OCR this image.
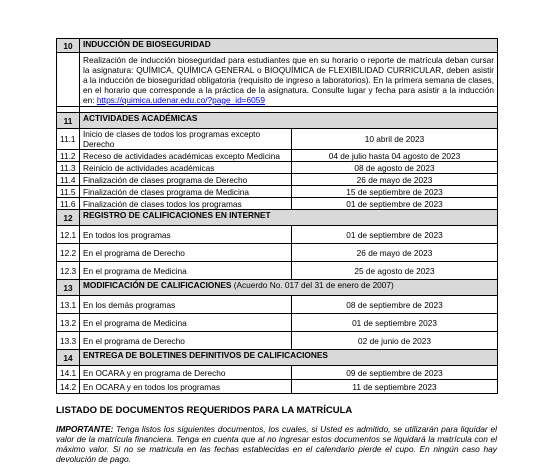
10	INDUCCIÓN DE BIOSEGURIDAD	
	Realización de inducción bioseguridad para estudiantes que en su horario o reporte de matrícula deban cursar la asignatura: QUÍMICA, QUÍMICA GENERAL o BIOQUÍMICA de FLEXIBILIDAD CURRICULAR, deben asistir a la inducción de bioseguridad obligatoria (requisito de ingreso a laboratorios). En la primera semana de clases, en el horario que corresponde a la práctica de la asignatura. Consulte lugar y fecha para asistir a la inducción en: https://quimica.udenar.edu.co/?page_id=6059	

11	ACTIVIDADES ACADÉMICAS	
11.1	Inicio de clases de todos los programas excepto Derecho	10 abril de 2023
11.2	Receso de actividades académicas excepto Medicina	04 de julio hasta 04 agosto de 2023
11.3	Reinicio de actividades académicas	08 de agosto de 2023
11.4	Finalización de clases programa de Derecho	26 de mayo de 2023
11.5	Finalización de clases programa de Medicina	15 de septiembre de 2023
11.6	Finalización de clases todos los programas	01 de septiembre de 2023
12	REGISTRO DE CALIFICACIONES EN INTERNET	
12.1	En todos los programas	01 de septiembre de 2023
12.2	En el programa de Derecho	26 de mayo de 2023
12.3	En el programa de Medicina	25 de agosto de 2023
13	MODIFICACIÓN DE CALIFICACIONES (Acuerdo No. 017 del 31 de enero de 2007)	
13.1	En los demás programas	08 de septiembre de 2023
13.2	En el programa de Medicina	01 de septiembre 2023
13.3	En el programa de Derecho	02 de junio de 2023
14	ENTREGA DE BOLETINES DEFINITIVOS DE CALIFICACIONES	
14.1	En OCARA y en programa de Derecho	09 de septiembre de 2023
14.2	En OCARA y en todos los programas	11 de septiembre 2023
LISTADO DE DOCUMENTOS REQUERIDOS PARA LA MATRÍCULA
IMPORTANTE: Tenga listos los siguientes documentos, los cuales, si Usted es admitido, se utilizarán para liquidar el valor de la matrícula financiera. Tenga en cuenta que al no ingresar estos documentos se liquidará la matrícula con el máximo valor. Si no se matricula en las fechas establecidas en el calendario pierde el cupo. En ningún caso hay devolución de pago.
